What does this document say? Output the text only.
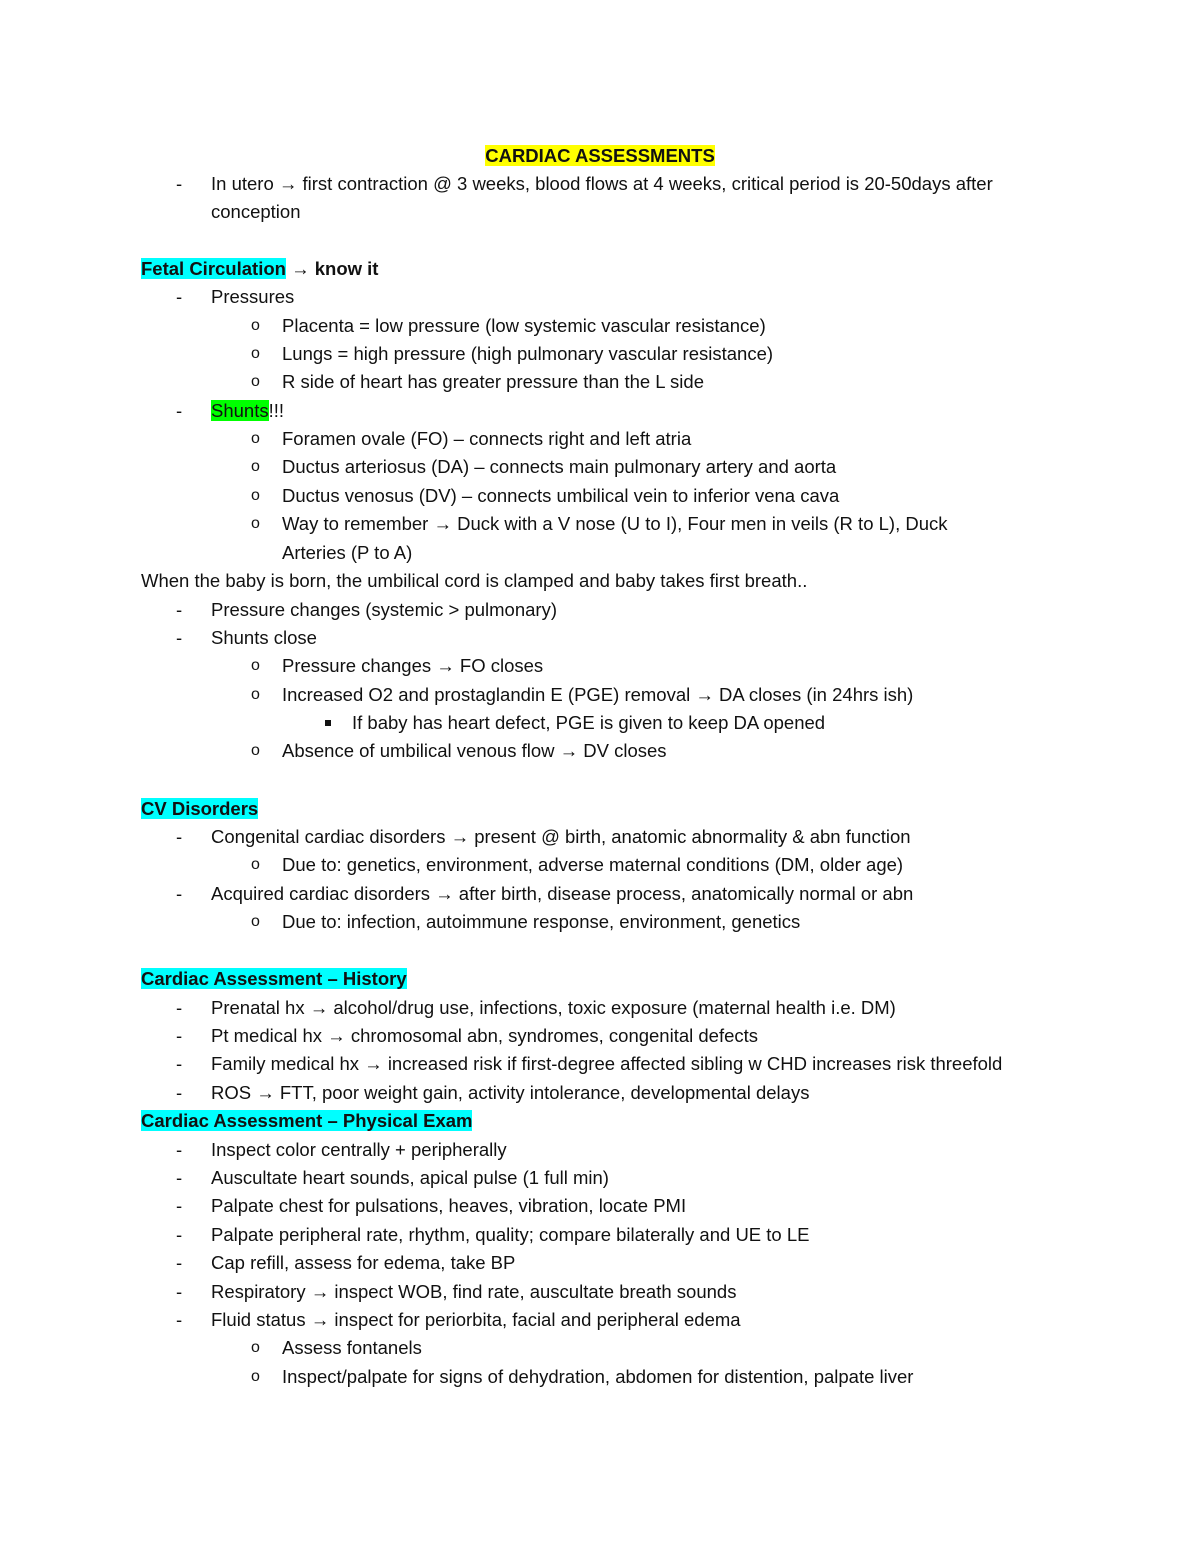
CARDIAC ASSESSMENTS
- In utero → first contraction @ 3 weeks, blood flows at 4 weeks, critical period is 20-50days after
conception
Fetal Circulation → know it
- Pressures
o Placenta = low pressure (low systemic vascular resistance)
o Lungs = high pressure (high pulmonary vascular resistance)
o R side of heart has greater pressure than the L side
- Shunts!!!
o Foramen ovale (FO) – connects right and left atria
o Ductus arteriosus (DA) – connects main pulmonary artery and aorta
o Ductus venosus (DV) – connects umbilical vein to inferior vena cava
o Way to remember → Duck with a V nose (U to I), Four men in veils (R to L), Duck
Arteries (P to A)
When the baby is born, the umbilical cord is clamped and baby takes first breath..
- Pressure changes (systemic > pulmonary)
- Shunts close
o Pressure changes → FO closes
o Increased O2 and prostaglandin E (PGE) removal → DA closes (in 24hrs ish)
If baby has heart defect, PGE is given to keep DA opened
o Absence of umbilical venous flow → DV closes
CV Disorders
- Congenital cardiac disorders → present @ birth, anatomic abnormality & abn function
o Due to: genetics, environment, adverse maternal conditions (DM, older age)
- Acquired cardiac disorders → after birth, disease process, anatomically normal or abn
o Due to: infection, autoimmune response, environment, genetics
Cardiac Assessment – History
- Prenatal hx → alcohol/drug use, infections, toxic exposure (maternal health i.e. DM)
- Pt medical hx → chromosomal abn, syndromes, congenital defects
- Family medical hx → increased risk if first-degree affected sibling w CHD increases risk threefold
- ROS → FTT, poor weight gain, activity intolerance, developmental delays
Cardiac Assessment – Physical Exam
- Inspect color centrally + peripherally
- Auscultate heart sounds, apical pulse (1 full min)
- Palpate chest for pulsations, heaves, vibration, locate PMI
- Palpate peripheral rate, rhythm, quality; compare bilaterally and UE to LE
- Cap refill, assess for edema, take BP
- Respiratory → inspect WOB, find rate, auscultate breath sounds
- Fluid status → inspect for periorbita, facial and peripheral edema
o Assess fontanels
o Inspect/palpate for signs of dehydration, abdomen for distention, palpate liver
